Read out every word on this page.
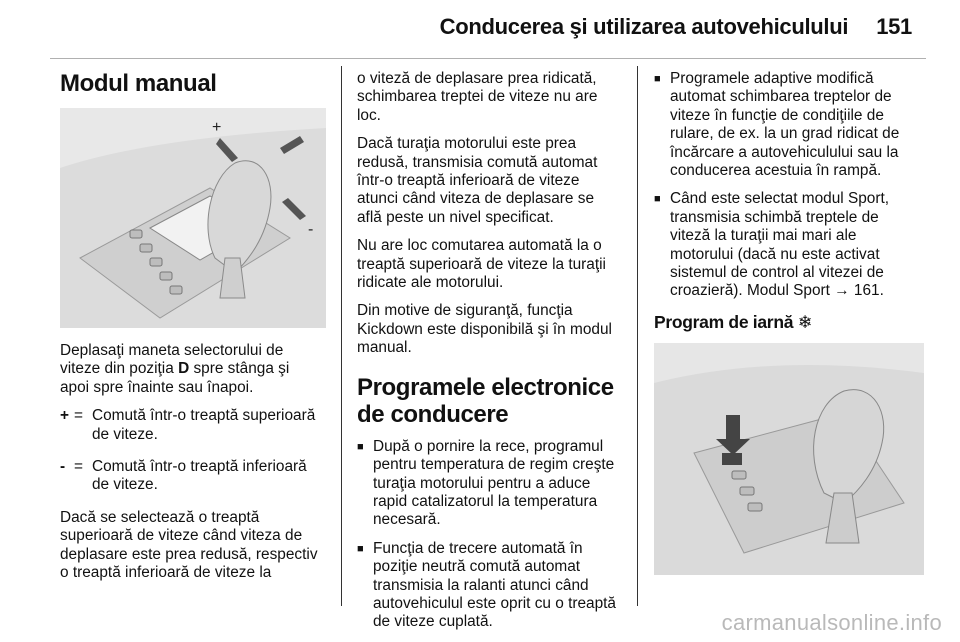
Conducerea şi utilizarea autovehiculului 151
Modul manual
+
-

Deplasaţi maneta selectorului de viteze din poziţia D spre stânga şi apoi spre înainte sau înapoi.

+ = Comută într-o treaptă superioară de viteze.
- = Comută într-o treaptă inferioară de viteze.

Dacă se selectează o treaptă superioară de viteze când viteza de deplasare este prea redusă, respectiv o treaptă inferioară de viteze la

o viteză de deplasare prea ridicată, schimbarea treptei de viteze nu are loc.

Dacă turaţia motorului este prea redusă, transmisia comută automat într-o treaptă inferioară de viteze atunci când viteza de deplasare se află peste un nivel specificat.

Nu are loc comutarea automată la o treaptă superioară de viteze la turaţii ridicate ale motorului.

Din motive de siguranţă, funcţia Kickdown este disponibilă şi în modul manual.

Programele electronice de conducere
■ După o pornire la rece, programul pentru temperatura de regim creşte turaţia motorului pentru a aduce rapid catalizatorul la temperatura necesară.
■ Funcţia de trecere automată în poziţie neutră comută automat transmisia la ralanti atunci când autovehiculul este oprit cu o treaptă de viteze cuplată.
■ Programele adaptive modifică automat schimbarea treptelor de viteze în funcţie de condiţiile de rulare, de ex. la un grad ridicat de încărcare a autovehiculului sau la conducerea acestuia în rampă.
■ Când este selectat modul Sport, transmisia schimbă treptele de viteză la turaţii mai mari ale motorului (dacă nu este activat sistemul de control al vitezei de croazieră). Modul Sport → 161.
Program de iarnă ❄
carmanualsonline.info
